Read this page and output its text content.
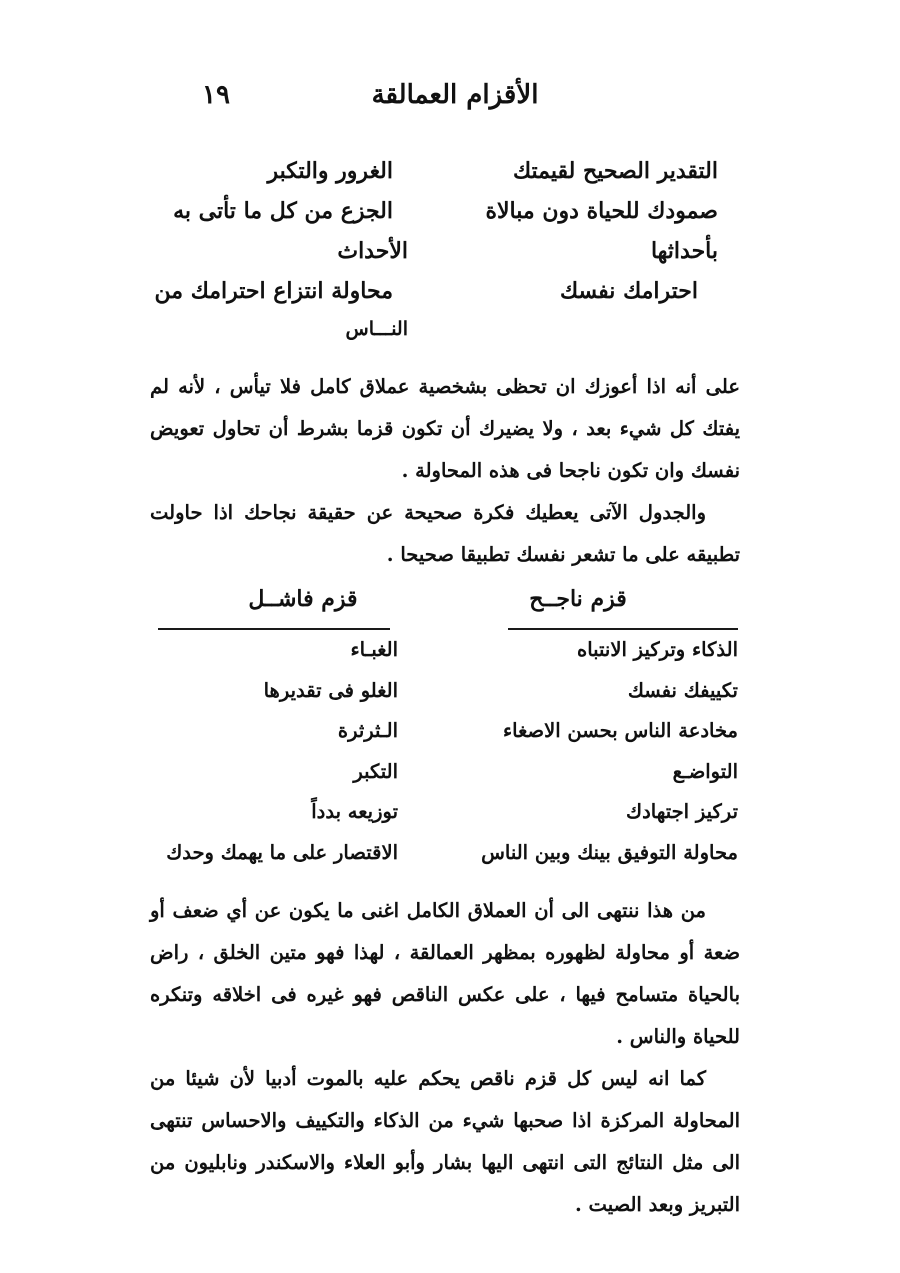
الأقزام العمالقة
١٩
التقدير الصحيح لقيمتك
الغرور والتكبر
صمودك للحياة دون مبالاة
الجزع من كل ما تأتى به
بأحداثها
الأحداث
احترامك نفسك
محاولة انتزاع احترامك من
النـــاس

على أنه اذا أعوزك ان تحظى بشخصية عملاق كامل فلا تيأس ، لأنه لم يفتك كل شيء بعد ، ولا يضيرك أن تكون قزما بشرط أن تحاول تعويض نفسك وان تكون ناجحا فى هذه المحاولة .

والجدول الآتى يعطيك فكرة صحيحة عن حقيقة نجاحك اذا حاولت تطبيقه على ما تشعر نفسك تطبيقا صحيحا .

قزم ناجــح
قزم فاشــل
الذكاء وتركيز الانتباه
الغبـاء
تكييفك نفسك
الغلو فى تقديرها
مخادعة الناس بحسن الاصغاء
الـثرثرة
التواضـع
التكبر
تركيز اجتهادك
توزيعه بدداً
محاولة التوفيق بينك وبين الناس
الاقتصار على ما يهمك وحدك

من هذا ننتهى الى أن العملاق الكامل اغنى ما يكون عن أي ضعف أو ضعة أو محاولة لظهوره بمظهر العمالقة ، لهذا فهو متين الخلق ، راض بالحياة متسامح فيها ، على عكس الناقص فهو غيره فى اخلاقه وتنكره للحياة والناس .

كما انه ليس كل قزم ناقص يحكم عليه بالموت أدبيا لأن شيئا من المحاولة المركزة اذا صحبها شيء من الذكاء والتكييف والاحساس تنتهى الى مثل النتائج التى انتهى اليها بشار وأبو العلاء والاسكندر ونابليون من التبريز وبعد الصيت .
